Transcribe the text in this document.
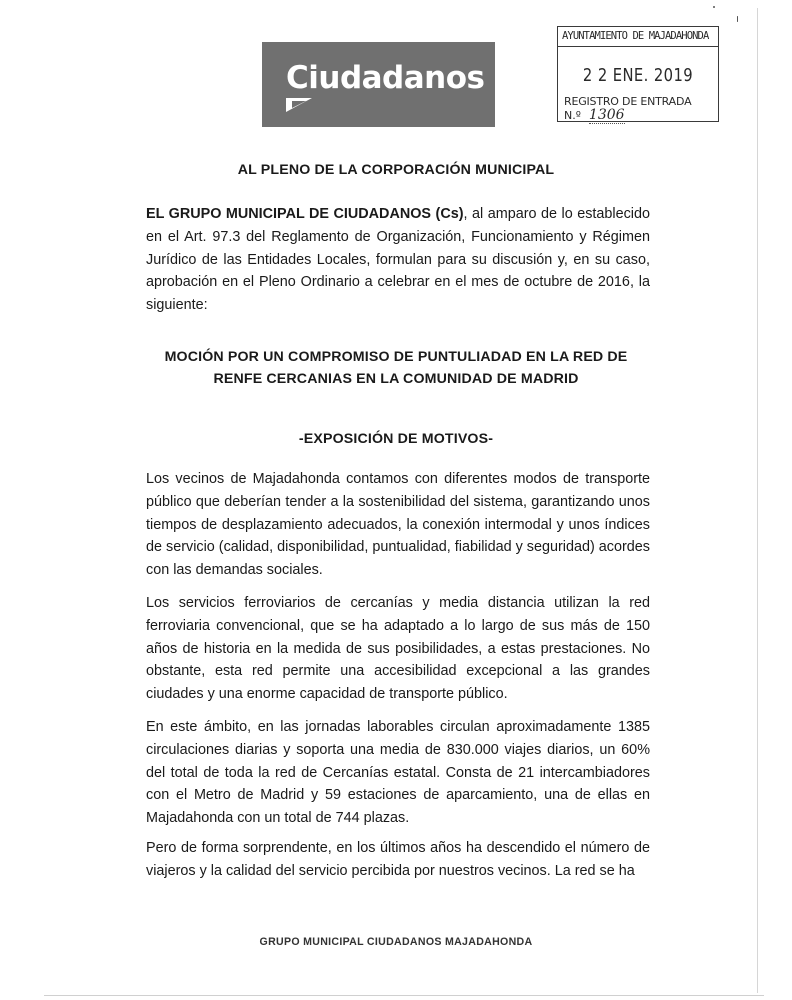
Ciudadanos
AYUNTAMIENTO DE MAJADAHONDA
2 2 ENE. 2019
REGISTRO DE ENTRADA
N.º 1306
AL PLENO DE LA CORPORACIÓN MUNICIPAL
EL GRUPO MUNICIPAL DE CIUDADANOS (Cs), al amparo de lo establecido en el Art. 97.3 del Reglamento de Organización, Funcionamiento y Régimen Jurídico de las Entidades Locales, formulan para su discusión y, en su caso, aprobación en el Pleno Ordinario a celebrar en el mes de octubre de 2016, la siguiente:
MOCIÓN POR UN COMPROMISO DE PUNTULIADAD EN LA RED DE
RENFE CERCANIAS EN LA COMUNIDAD DE MADRID
-EXPOSICIÓN DE MOTIVOS-
Los vecinos de Majadahonda contamos con diferentes modos de transporte público que deberían tender a la sostenibilidad del sistema, garantizando unos tiempos de desplazamiento adecuados, la conexión intermodal y unos índices de servicio (calidad, disponibilidad, puntualidad, fiabilidad y seguridad) acordes con las demandas sociales.
Los servicios ferroviarios de cercanías y media distancia utilizan la red ferroviaria convencional, que se ha adaptado a lo largo de sus más de 150 años de historia en la medida de sus posibilidades, a estas prestaciones. No obstante, esta red permite una accesibilidad excepcional a las grandes ciudades y una enorme capacidad de transporte público.
En este ámbito, en las jornadas laborables circulan aproximadamente 1385 circulaciones diarias y soporta una media de 830.000 viajes diarios, un 60% del total de toda la red de Cercanías estatal. Consta de 21 intercambiadores con el Metro de Madrid y 59 estaciones de aparcamiento, una de ellas en Majadahonda con un total de 744 plazas.
Pero de forma sorprendente, en los últimos años ha descendido el número de viajeros y la calidad del servicio percibida por nuestros vecinos. La red se ha
GRUPO MUNICIPAL CIUDADANOS MAJADAHONDA
